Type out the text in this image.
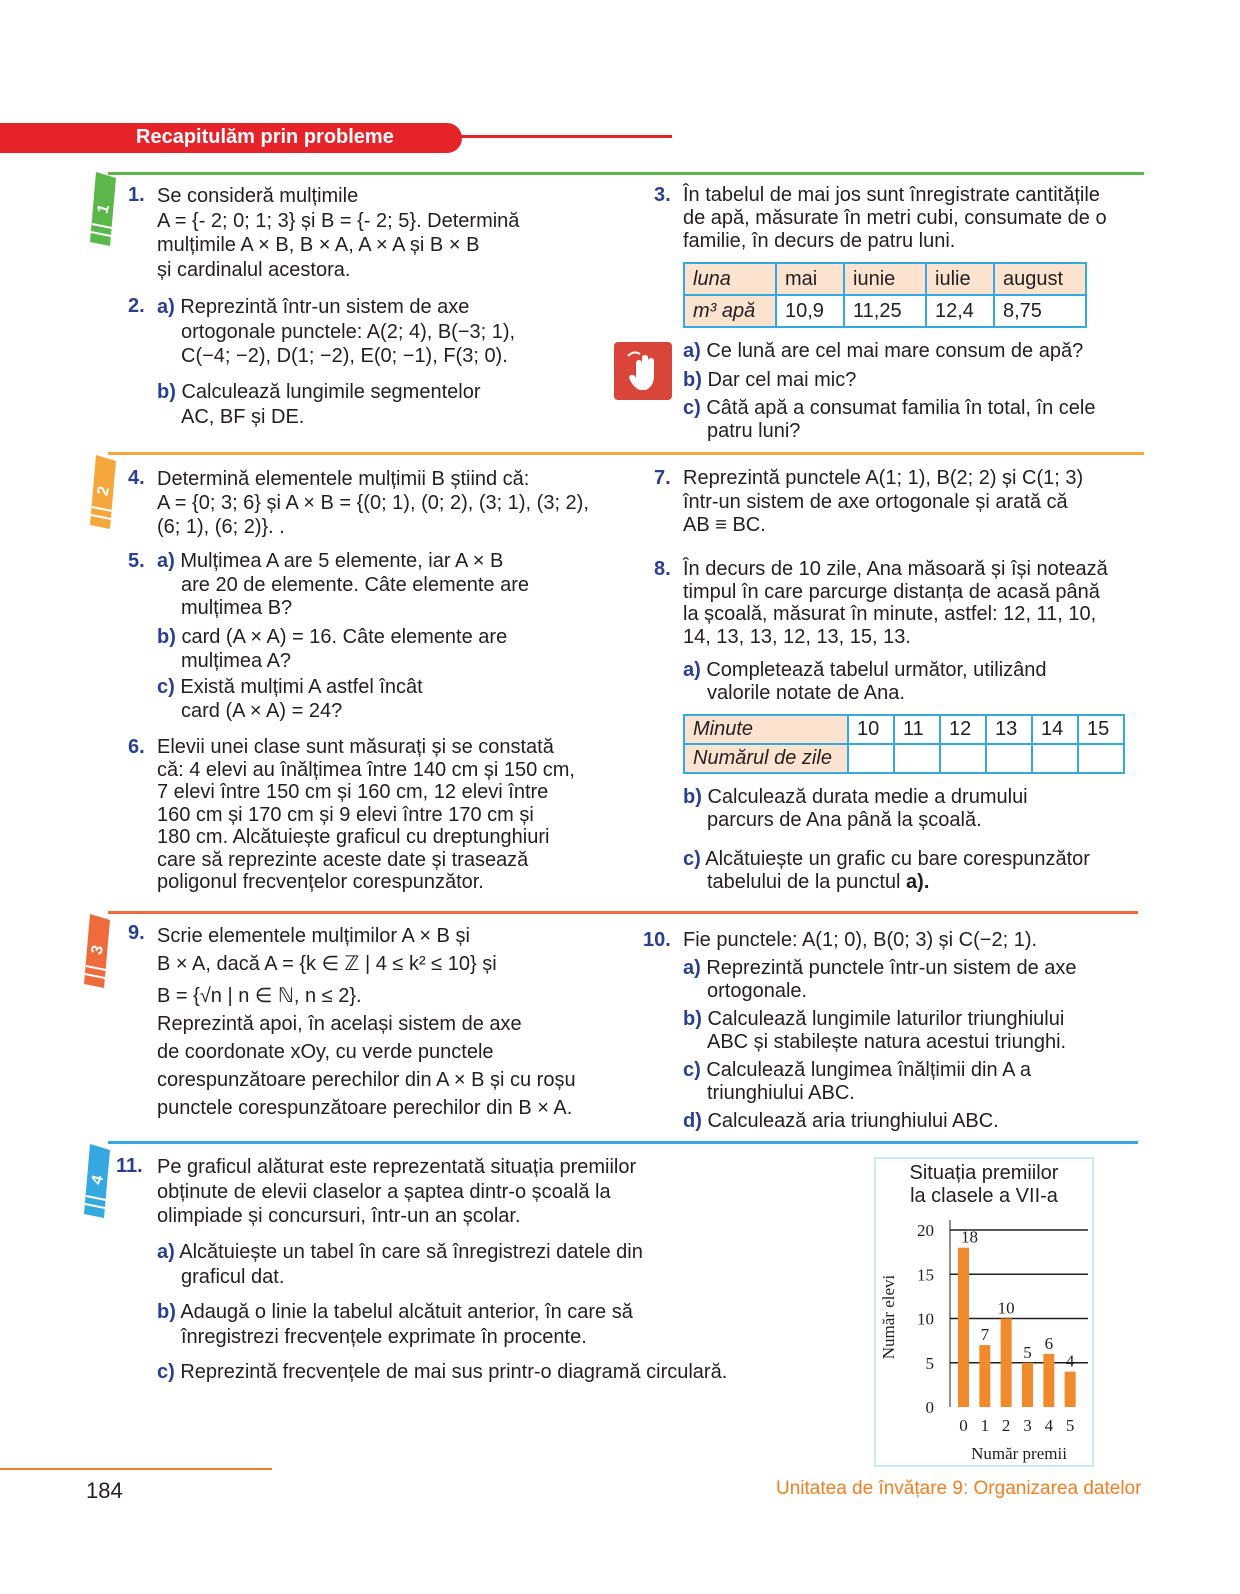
Recapitulăm prin probleme
1
2
3
4
1. Se consideră mulțimile

A = {- 2; 0; 1; 3} și B = {- 2; 5}. Determină

mulțimile A × B, B × A, A × A și B × B

și cardinalul acestora.

2. a) Reprezintă într-un sistem de axe

ortogonale punctele: A(2; 4), B(−3; 1),

C(−4; −2), D(1; −2), E(0; −1), F(3; 0).

b) Calculează lungimile segmentelor

AC, BF și DE.

3. În tabelul de mai jos sunt înregistrate cantitățile

de apă, măsurate în metri cubi, consumate de o

familie, în decurs de patru luni.

luna	mai	iunie	iulie	august
m³ apă	10,9	11,25	12,4	8,75

a) Ce lună are cel mai mare consum de apă?

b) Dar cel mai mic?

c) Câtă apă a consumat familia în total, în cele

patru luni?

4. Determină elementele mulțimii B știind că:

A = {0; 3; 6} și A × B = {(0; 1), (0; 2), (3; 1), (3; 2),

(6; 1), (6; 2)}. .

5. a) Mulțimea A are 5 elemente, iar A × B

are 20 de elemente. Câte elemente are

mulțimea B?

b) card (A × A) = 16. Câte elemente are

mulțimea A?

c) Există mulțimi A astfel încât

card (A × A) = 24?

6. Elevii unei clase sunt măsurați și se constată

că: 4 elevi au înălțimea între 140 cm și 150 cm,

7 elevi între 150 cm și 160 cm, 12 elevi între

160 cm și 170 cm și 9 elevi între 170 cm și

180 cm. Alcătuiește graficul cu dreptunghiuri

care să reprezinte aceste date și trasează

poligonul frecvențelor corespunzător.

7. Reprezintă punctele A(1; 1), B(2; 2) și C(1; 3)

într-un sistem de axe ortogonale și arată că

AB ≡ BC.

8. În decurs de 10 zile, Ana măsoară și își notează

timpul în care parcurge distanța de acasă până

la școală, măsurat în minute, astfel: 12, 11, 10,

14, 13, 13, 12, 13, 15, 13.

a) Completează tabelul următor, utilizând

valorile notate de Ana.

Minute	10	11	12	13	14	15
Numărul de zile						

b) Calculează durata medie a drumului

parcurs de Ana până la școală.

c) Alcătuiește un grafic cu bare corespunzător

tabelului de la punctul a).

9. Scrie elementele mulțimilor A × B și

B × A, dacă A = {k ∈ ℤ | 4 ≤ k² ≤ 10} și

B = {√n | n ∈ ℕ, n ≤ 2}.

Reprezintă apoi, în același sistem de axe

de coordonate xOy, cu verde punctele

corespunzătoare perechilor din A × B și cu roșu

punctele corespunzătoare perechilor din B × A.

10. Fie punctele: A(1; 0), B(0; 3) și C(−2; 1).

a) Reprezintă punctele într-un sistem de axe

ortogonale.

b) Calculează lungimile laturilor triunghiului

ABC și stabilește natura acestui triunghi.

c) Calculează lungimea înălțimii din A a

triunghiului ABC.

d) Calculează aria triunghiului ABC.

11. Pe graficul alăturat este reprezentată situația premiilor

obținute de elevii claselor a șaptea dintr-o școală la

olimpiade și concursuri, într-un an școlar.

a) Alcătuiește un tabel în care să înregistrezi datele din

graficul dat.

b) Adaugă o linie la tabelul alcătuit anterior, în care să

înregistrezi frecvențele exprimate în procente.

c) Reprezintă frecvențele de mai sus printr-o diagramă circulară.

Situația premiilor

la clasele a VII-a

0
5
10
15
20 18
0
7
1
10
2
5
3
6
4
4
5
Număr premii
Număr elevi
184	Unitatea de învățare 9: Organizarea datelor
